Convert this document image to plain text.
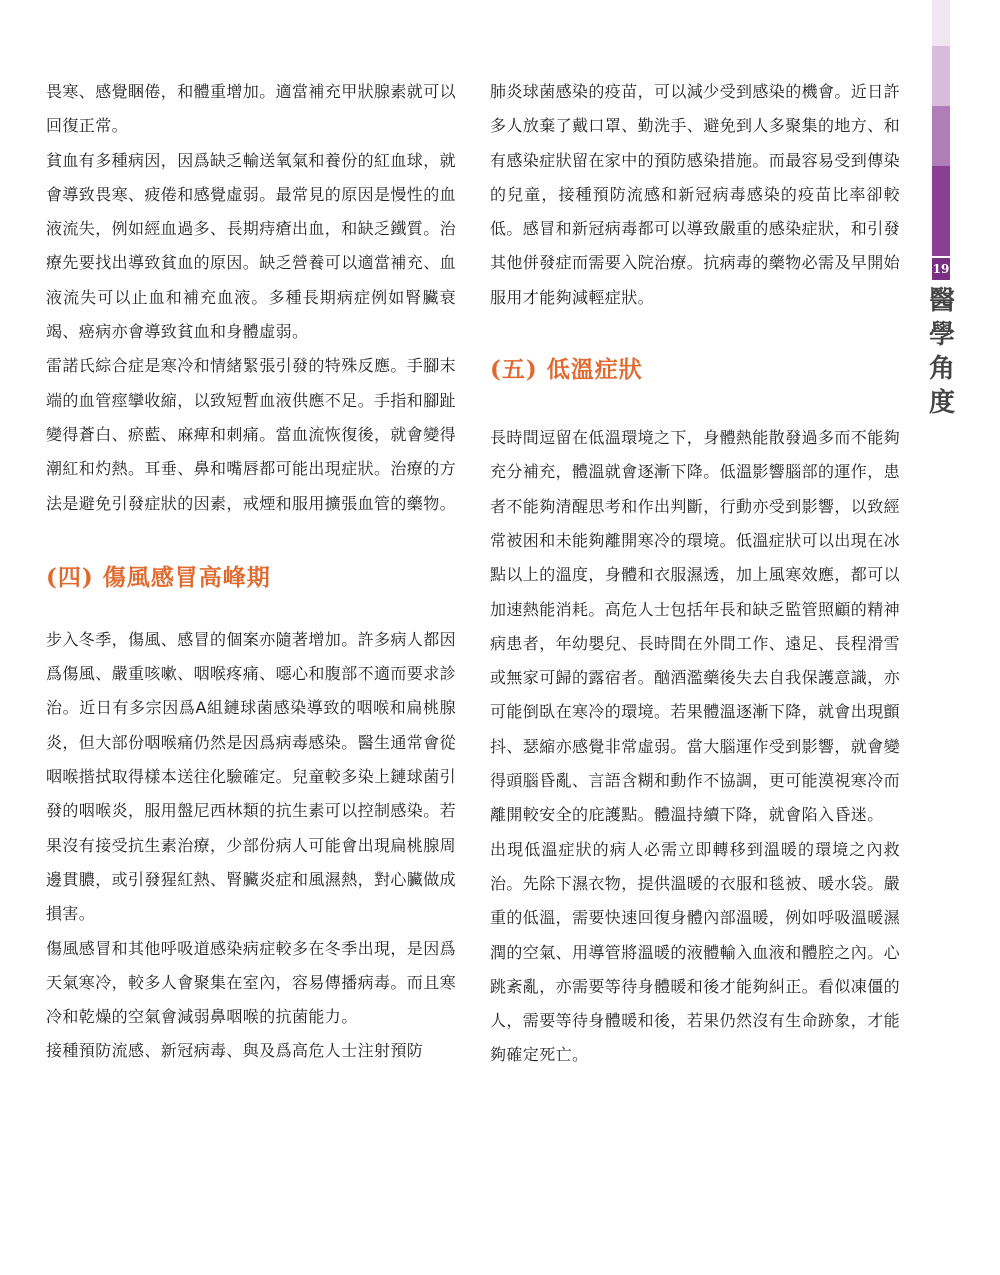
19
醫
學
角
度

畏寒、感覺睏倦，和體重增加。適當補充甲狀腺素就可以回復正常。

貧血有多種病因，因爲缺乏輸送氧氣和養份的紅血球，就會導致畏寒、疲倦和感覺虛弱。最常見的原因是慢性的血液流失，例如經血過多、長期痔瘡出血，和缺乏鐵質。治療先要找出導致貧血的原因。缺乏營養可以適當補充、血液流失可以止血和補充血液。多種長期病症例如腎臟衰竭、癌病亦會導致貧血和身體虛弱。

雷諾氏綜合症是寒冷和情緒緊張引發的特殊反應。手腳末端的血管痙攣收縮，以致短暫血液供應不足。手指和腳趾變得蒼白、瘀藍、麻痺和刺痛。當血流恢復後，就會變得潮紅和灼熱。耳垂、鼻和嘴唇都可能出現症狀。治療的方法是避免引發症狀的因素，戒煙和服用擴張血管的藥物。

(四) 傷風感冒高峰期

步入冬季，傷風、感冒的個案亦隨著增加。許多病人都因爲傷風、嚴重咳嗽、咽喉疼痛、噁心和腹部不適而要求診治。近日有多宗因爲A組鏈球菌感染導致的咽喉和扁桃腺炎，但大部份咽喉痛仍然是因爲病毒感染。醫生通常會從咽喉揩拭取得樣本送往化驗確定。兒童較多染上鏈球菌引發的咽喉炎，服用盤尼西林類的抗生素可以控制感染。若果沒有接受抗生素治療，少部份病人可能會出現扁桃腺周邊貫膿，或引發猩紅熱、腎臟炎症和風濕熱，對心臟做成損害。

傷風感冒和其他呼吸道感染病症較多在冬季出現，是因爲天氣寒冷，較多人會聚集在室內，容易傳播病毒。而且寒冷和乾燥的空氣會減弱鼻咽喉的抗菌能力。

接種預防流感、新冠病毒、與及爲高危人士注射預防

肺炎球菌感染的疫苗，可以減少受到感染的機會。近日許多人放棄了戴口罩、勤洗手、避免到人多聚集的地方、和有感染症狀留在家中的預防感染措施。而最容易受到傳染的兒童，接種預防流感和新冠病毒感染的疫苗比率卻較低。感冒和新冠病毒都可以導致嚴重的感染症狀，和引發其他併發症而需要入院治療。抗病毒的藥物必需及早開始服用才能夠減輕症狀。

(五) 低溫症狀

長時間逗留在低溫環境之下，身體熱能散發過多而不能夠充分補充，體溫就會逐漸下降。低溫影響腦部的運作，患者不能夠清醒思考和作出判斷，行動亦受到影響，以致經常被困和未能夠離開寒冷的環境。低溫症狀可以出現在冰點以上的溫度，身體和衣服濕透，加上風寒效應，都可以加速熱能消耗。高危人士包括年長和缺乏監管照顧的精神病患者，年幼嬰兒、長時間在外間工作、遠足、長程滑雪或無家可歸的露宿者。酗酒濫藥後失去自我保護意識，亦可能倒臥在寒冷的環境。若果體溫逐漸下降，就會出現顫抖、瑟縮亦感覺非常虛弱。當大腦運作受到影響，就會變得頭腦昏亂、言語含糊和動作不協調，更可能漠視寒冷而離開較安全的庇護點。體溫持續下降，就會陷入昏迷。

出現低溫症狀的病人必需立即轉移到溫暖的環境之內救治。先除下濕衣物，提供溫暖的衣服和毯被、暖水袋。嚴重的低溫，需要快速回復身體內部溫暖，例如呼吸溫暖濕潤的空氣、用導管將溫暖的液體輸入血液和體腔之內。心跳紊亂，亦需要等待身體暖和後才能夠糾正。看似凍僵的人，需要等待身體暖和後，若果仍然沒有生命跡象，才能夠確定死亡。
